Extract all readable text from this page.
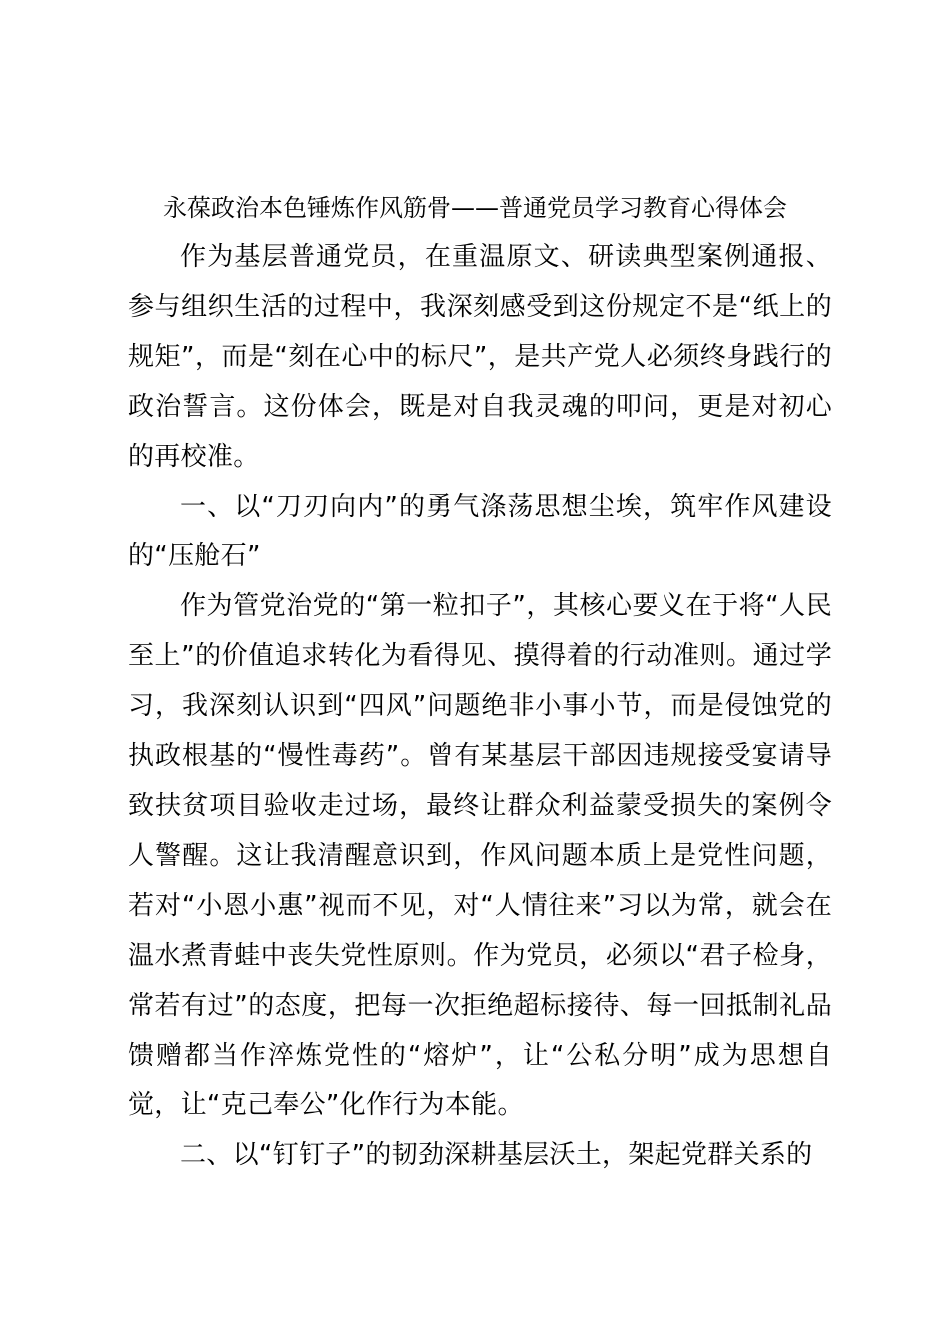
永葆政治本色锤炼作风筋骨——普通党员学习教育心得体会

作为基层普通党员，在重温原文、研读典型案例通报、参与组织生活的过程中，我深刻感受到这份规定不是“纸上的规矩”，而是“刻在心中的标尺”，是共产党人必须终身践行的政治誓言。这份体会，既是对自我灵魂的叩问，更是对初心的再校准。

一、以“刀刃向内”的勇气涤荡思想尘埃，筑牢作风建设的“压舱石”

作为管党治党的“第一粒扣子”，其核心要义在于将“人民至上”的价值追求转化为看得见、摸得着的行动准则。通过学习，我深刻认识到“四风”问题绝非小事小节，而是侵蚀党的执政根基的“慢性毒药”。曾有某基层干部因违规接受宴请导致扶贫项目验收走过场，最终让群众利益蒙受损失的案例令人警醒。这让我清醒意识到，作风问题本质上是党性问题，若对“小恩小惠”视而不见，对“人情往来”习以为常，就会在温水煮青蛙中丧失党性原则。作为党员，必须以“君子检身，常若有过”的态度，把每一次拒绝超标接待、每一回抵制礼品馈赠都当作淬炼党性的“熔炉”，让“公私分明”成为思想自觉，让“克己奉公”化作行为本能。

二、以“钉钉子”的韧劲深耕基层沃土，架起党群关系的
